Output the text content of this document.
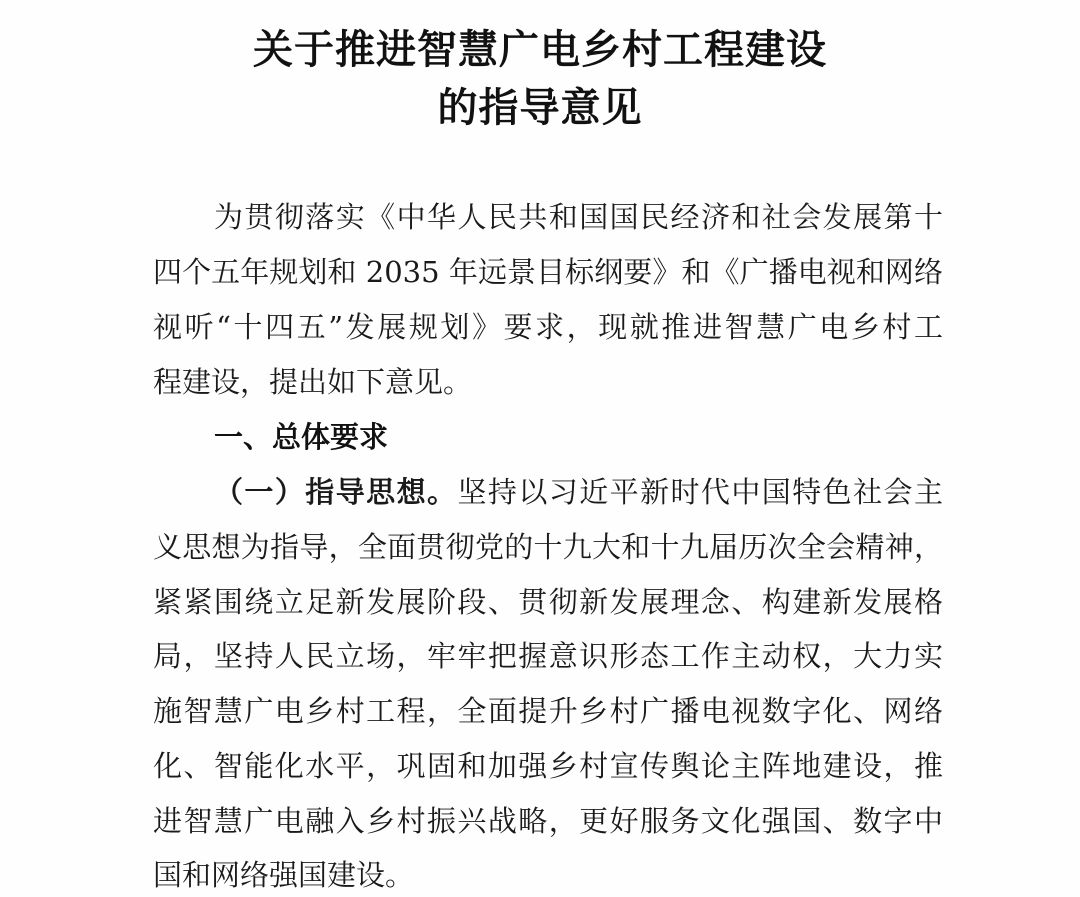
关于推进智慧广电乡村工程建设
的指导意见
为贯彻落实《中华人民共和国国民经济和社会发展第十
四个五年规划和 2035 年远景目标纲要》和《广播电视和网络
视听“十四五”发展规划》要求，现就推进智慧广电乡村工
程建设，提出如下意见。
一、总体要求
（一）指导思想。坚持以习近平新时代中国特色社会主
义思想为指导，全面贯彻党的十九大和十九届历次全会精神，
紧紧围绕立足新发展阶段、贯彻新发展理念、构建新发展格
局，坚持人民立场，牢牢把握意识形态工作主动权，大力实
施智慧广电乡村工程，全面提升乡村广播电视数字化、网络
化、智能化水平，巩固和加强乡村宣传舆论主阵地建设，推
进智慧广电融入乡村振兴战略，更好服务文化强国、数字中
国和网络强国建设。
